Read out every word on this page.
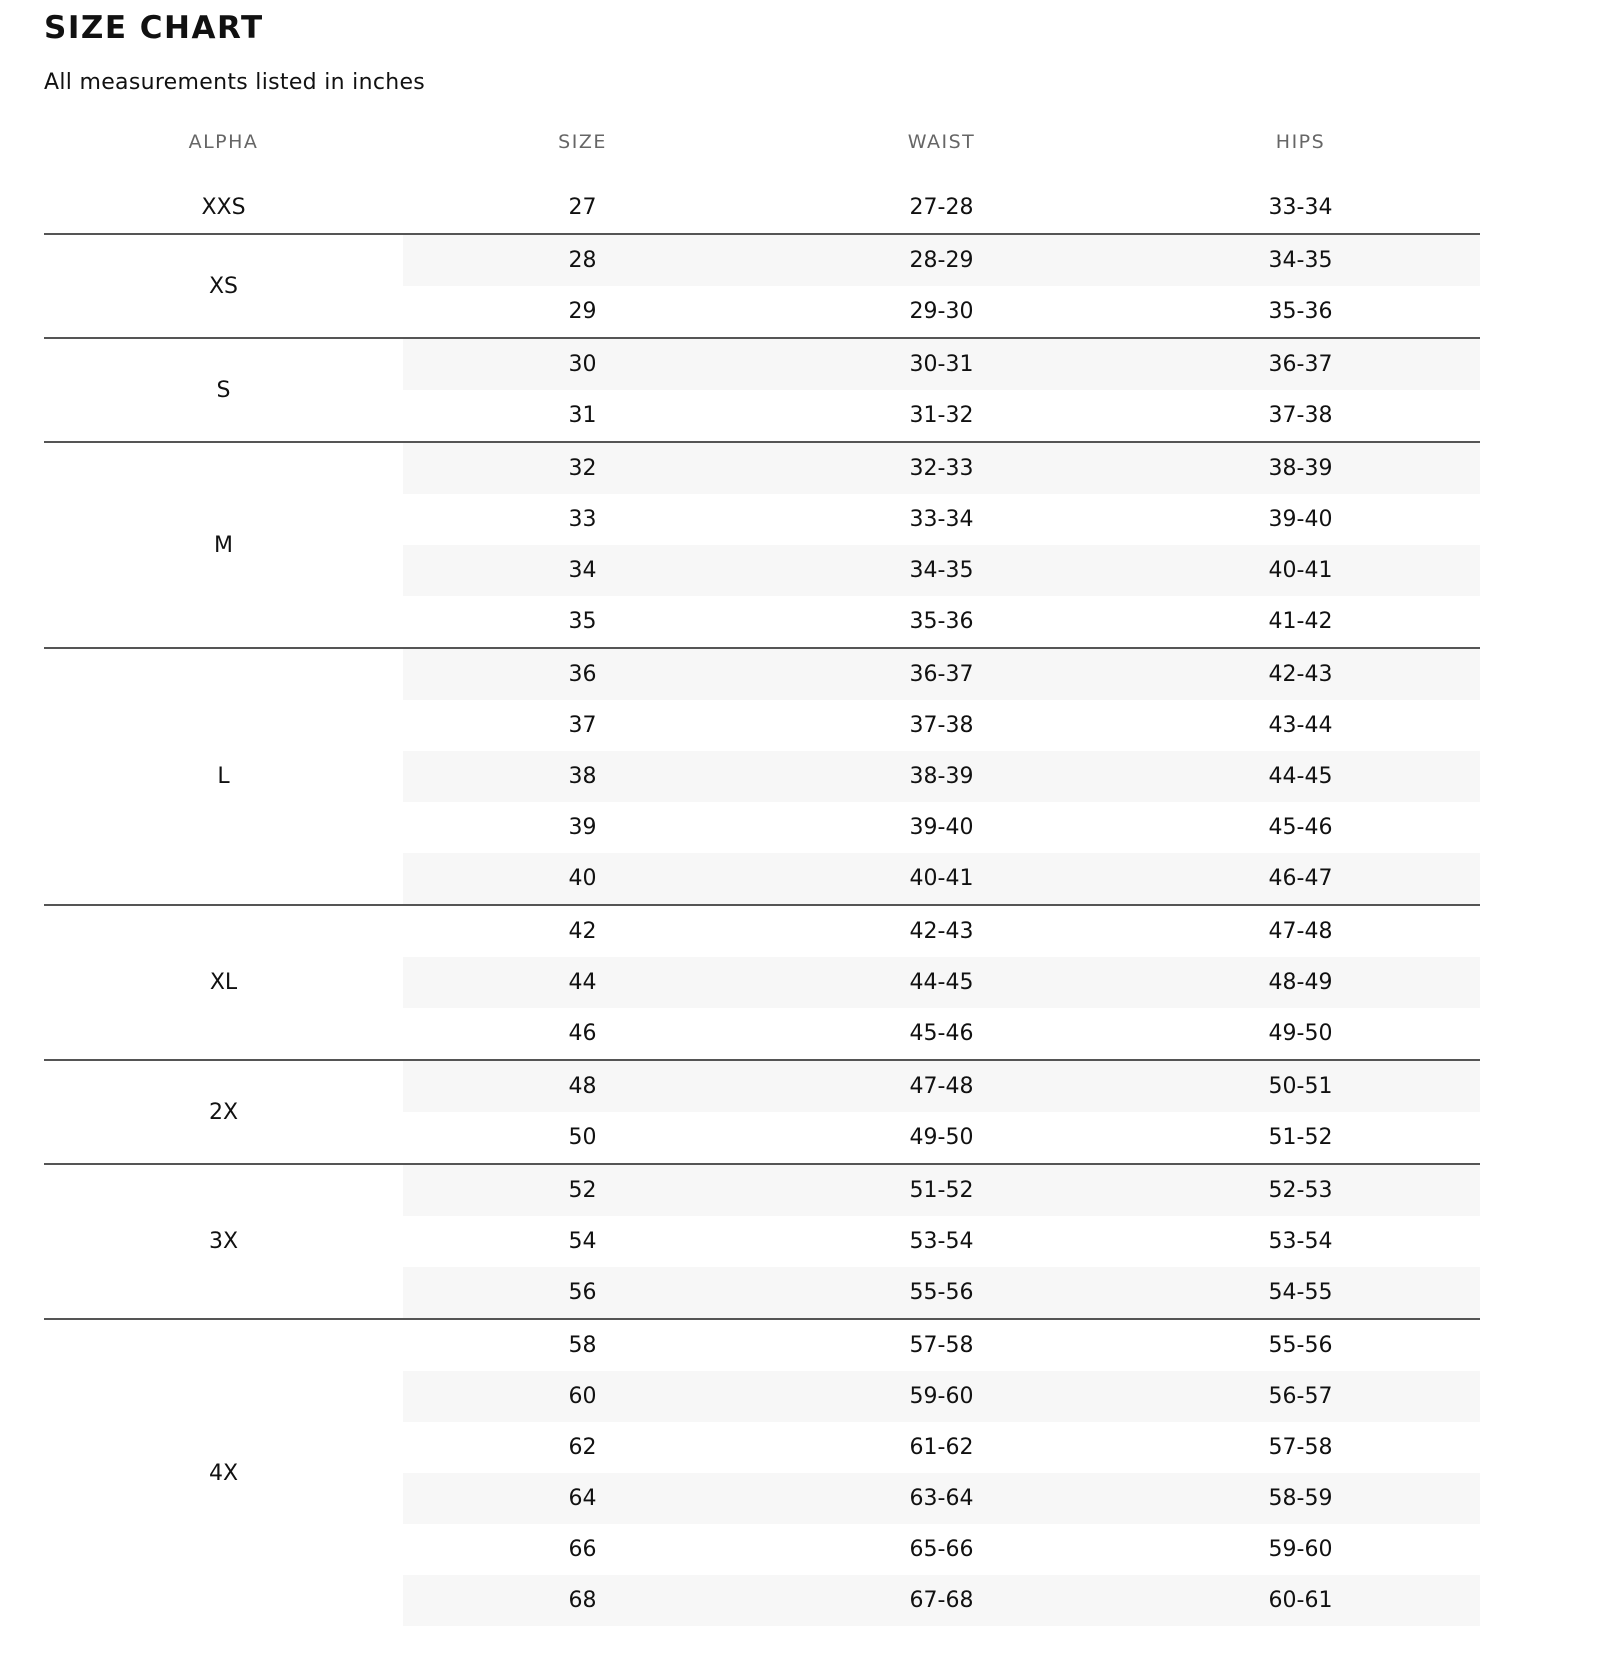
SIZE CHART

All measurements listed in inches

ALPHA	SIZE	WAIST	HIPS
XXS	27	27-28	33-34
XS
28	28-29	34-35
29	29-30	35-36
S
30	30-31	36-37
31	31-32	37-38
M
32	32-33	38-39
33	33-34	39-40
34	34-35	40-41
35	35-36	41-42
L
36	36-37	42-43
37	37-38	43-44
38	38-39	44-45
39	39-40	45-46
40	40-41	46-47
XL
42	42-43	47-48
44	44-45	48-49
46	45-46	49-50
2X
48	47-48	50-51
50	49-50	51-52
3X
52	51-52	52-53
54	53-54	53-54
56	55-56	54-55
4X
58	57-58	55-56
60	59-60	56-57
62	61-62	57-58
64	63-64	58-59
66	65-66	59-60
68	67-68	60-61
